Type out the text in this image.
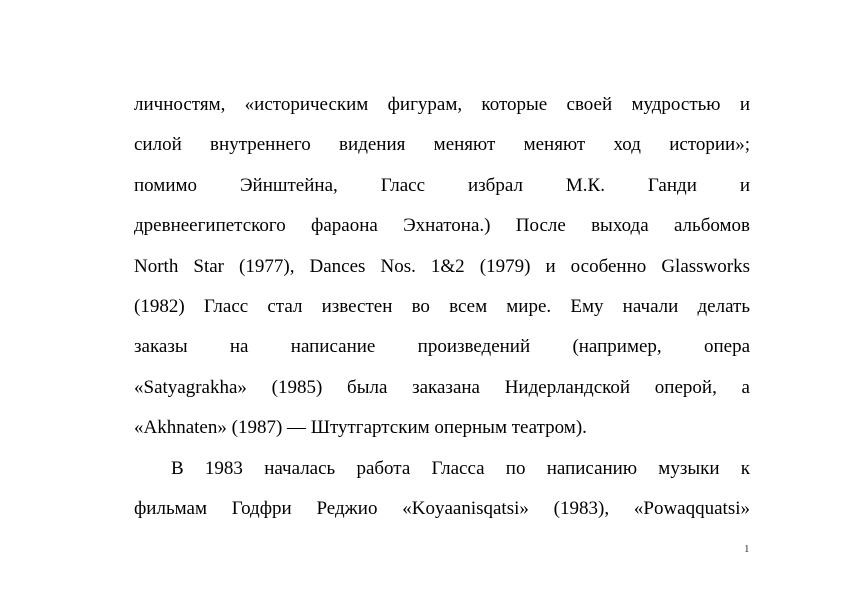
личностям, «историческим фигурам, которые своей мудростью и
силой внутреннего видения меняют меняют ход истории»;
помимо Эйнштейна, Гласс избрал М.К. Ганди и
древнеегипетского фараона Эхнатона.) После выхода альбомов
North Star (1977), Dances Nos. 1&2 (1979) и особенно Glassworks
(1982) Гласс стал известен во всем мире. Ему начали делать
заказы на написание произведений (например, опера
«Satyagrakha» (1985) была заказана Нидерландской оперой, а
«Akhnaten» (1987) — Штутгартским оперным театром).
В 1983 началась работа Гласса по написанию музыки к
фильмам Годфри Реджио «Koyaanisqatsi» (1983), «Powaqquatsi»
1
